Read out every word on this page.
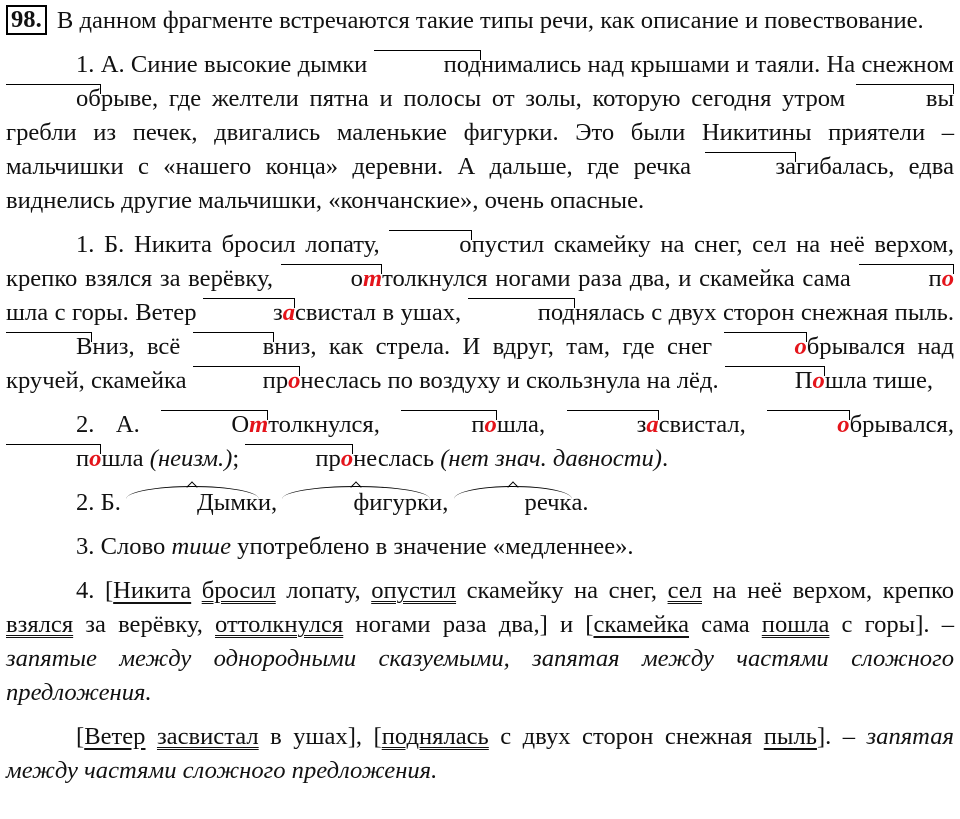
98. В данном фрагменте встречаются такие типы речи, как описание и повествование.

1. А. Синие высокие дымки	поднимались над крышами и таяли. На снежном обрыве, где желтели пятна и полосы от золы, которую сегодня утром	выгребли из печек, двигались маленькие фигурки. Это были Никитины приятели – мальчишки с «нашего конца» деревни. А дальше, где речка	загибалась, едва виднелись другие мальчишки, «кончанские», очень опасные.

1. Б. Никита бросил лопату,	опустил скамейку на снег, сел на неё верхом, крепко взялся за верёвку,	оттолкнулся ногами раза два, и скамейка сама	пошла с горы. Ветер	засвистал в ушах,	поднялась с двух сторон снежная пыль. Вниз, всё	вниз, как стрела. И вдруг, там, где снег	обрывался над кручей, скамейка	пронеслась по воздуху и скользнула на лёд.	Пошла тише,

2. А.	Оттолкнулся,	пошла,	засвистал,	обрывался, пошла (неизм.);	пронеслась (нет знач. давности).

2. Б.	Дымки,	фигурки,	речка.

3. Слово тише употреблено в значение «медленнее».

4. [Никита бросил лопату, опустил скамейку на снег, сел на неё верхом, крепко взялся за верёвку, оттолкнулся ногами раза два,] и [скамейка сама пошла с горы]. – запятые между однородными сказуемыми, запятая между частями сложного предложения.

[Ветер засвистал в ушах], [поднялась с двух сторон снежная пыль]. – запятая между частями сложного предложения.
